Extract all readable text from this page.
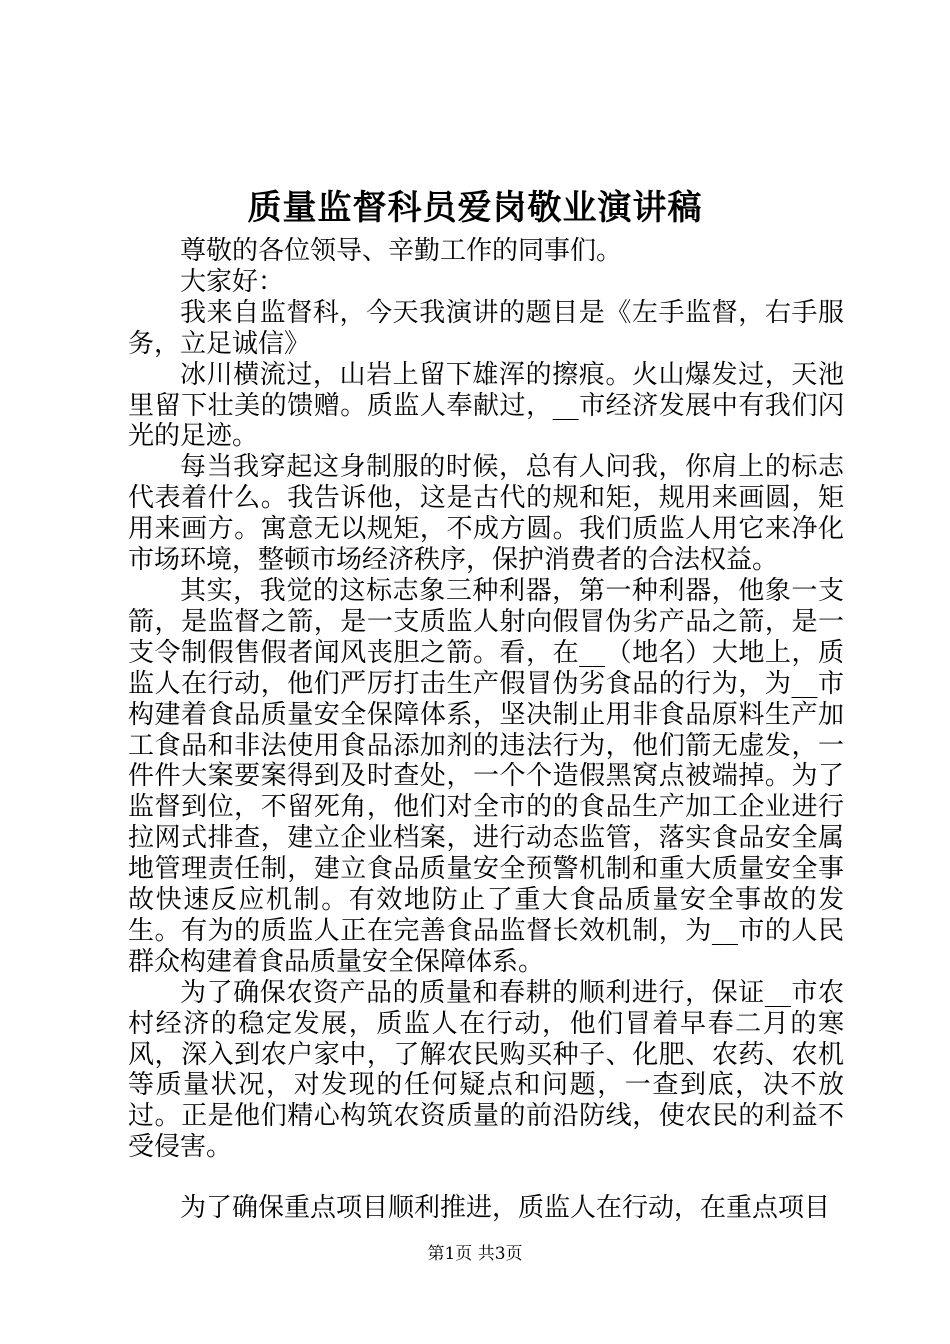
质量监督科员爱岗敬业演讲稿

尊敬的各位领导、辛勤工作的同事们。

大家好：

我来自监督科，今天我演讲的题目是《左手监督，右手服务，立足诚信》

冰川横流过，山岩上留下雄浑的擦痕。火山爆发过，天池里留下壮美的馈赠。质监人奉献过，__市经济发展中有我们闪光的足迹。

每当我穿起这身制服的时候，总有人问我，你肩上的标志代表着什么。我告诉他，这是古代的规和矩，规用来画圆，矩用来画方。寓意无以规矩，不成方圆。我们质监人用它来净化市场环境，整顿市场经济秩序，保护消费者的合法权益。

其实，我觉的这标志象三种利器，第一种利器，他象一支箭，是监督之箭，是一支质监人射向假冒伪劣产品之箭，是一支令制假售假者闻风丧胆之箭。看，在__（地名）大地上，质监人在行动，他们严厉打击生产假冒伪劣食品的行为，为__市构建着食品质量安全保障体系，坚决制止用非食品原料生产加工食品和非法使用食品添加剂的违法行为，他们箭无虚发，一件件大案要案得到及时查处，一个个造假黑窝点被端掉。为了监督到位，不留死角，他们对全市的的食品生产加工企业进行拉网式排查，建立企业档案，进行动态监管，落实食品安全属地管理责任制，建立食品质量安全预警机制和重大质量安全事故快速反应机制。有效地防止了重大食品质量安全事故的发生。有为的质监人正在完善食品监督长效机制，为__市的人民群众构建着食品质量安全保障体系。

为了确保农资产品的质量和春耕的顺利进行，保证__市农村经济的稳定发展，质监人在行动，他们冒着早春二月的寒风，深入到农户家中，了解农民购买种子、化肥、农药、农机等质量状况，对发现的任何疑点和问题，一查到底，决不放过。正是他们精心构筑农资质量的前沿防线，使农民的利益不受侵害。

为了确保重点项目顺利推进，质监人在行动，在重点项目

第1页 共3页
